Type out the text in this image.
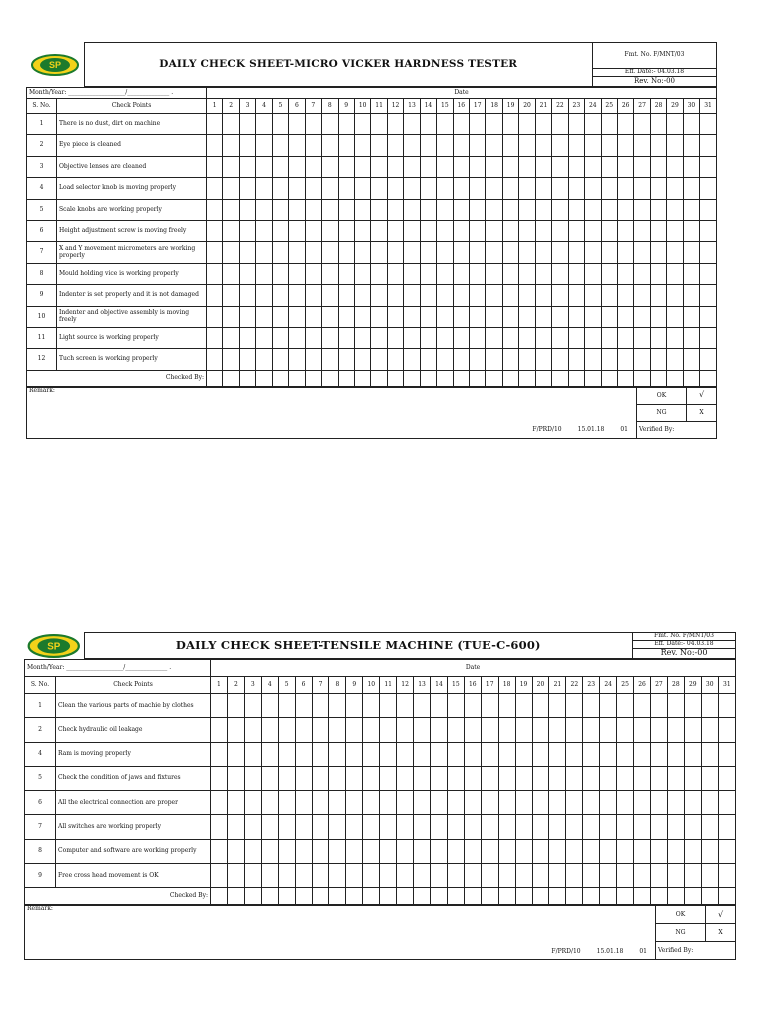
SP	DAILY CHECK SHEET-MICRO VICKER HARDNESS TESTER	Fmt. No. F/MNT/03
Eff. Date:- 04.03.18
Rev. No:-00
Month/Year: ___________________/______________ .		Date																														
S. No.	Check Points	1	2	3	4	5	6	7	8	9	10	11	12	13	14	15	16	17	18	19	20	21	22	23	24	25	26	27	28	29	30	31
1	There is no dust, dirt on machine																															
2	Eye piece is cleaned																															
3	Objective lenses are cleaned																															
4	Load selector knob is moving properly																															
5	Scale knobs are working properly																															
6	Height adjustment screw is moving freely																															
7	X and Y movement micrometers are working properly																															
8	Mould holding vice is working properly																															
9	Indenter is set properly and it is not damaged																															
10	Indenter and objective assembly is moving freely																															
11	Light source is working properly																															
12	Tuch screen is working properly																															
Checked By:																																
Remark:
F/PRD/10 15.01.18 01	OK	√
	NG	X
	Verified By:	
SP	DAILY CHECK SHEET-TENSILE MACHINE (TUE-C-600)	Fmt. No. F/MNT/03
Eff. Date:- 04.03.18
Rev. No:-00
Month/Year: ___________________/______________ .		Date																														
S. No.	Check Points	1	2	3	4	5	6	7	8	9	10	11	12	13	14	15	16	17	18	19	20	21	22	23	24	25	26	27	28	29	30	31
1	Clean the various parts of machie by clothes																															
2	Check hydraulic oil leakage																															
4	Ram is moving properly																															
5	Check the condition of jaws and fixtures																															
6	All the electrical connection are proper																															
7	All switches are working properly																															
8	Computer and software are working properly																															
9	Free cross head movement is OK																															
Checked By:																																
Remark:
F/PRD/10 15.01.18 01	OK	√
	NG	X
	Verified By:	
